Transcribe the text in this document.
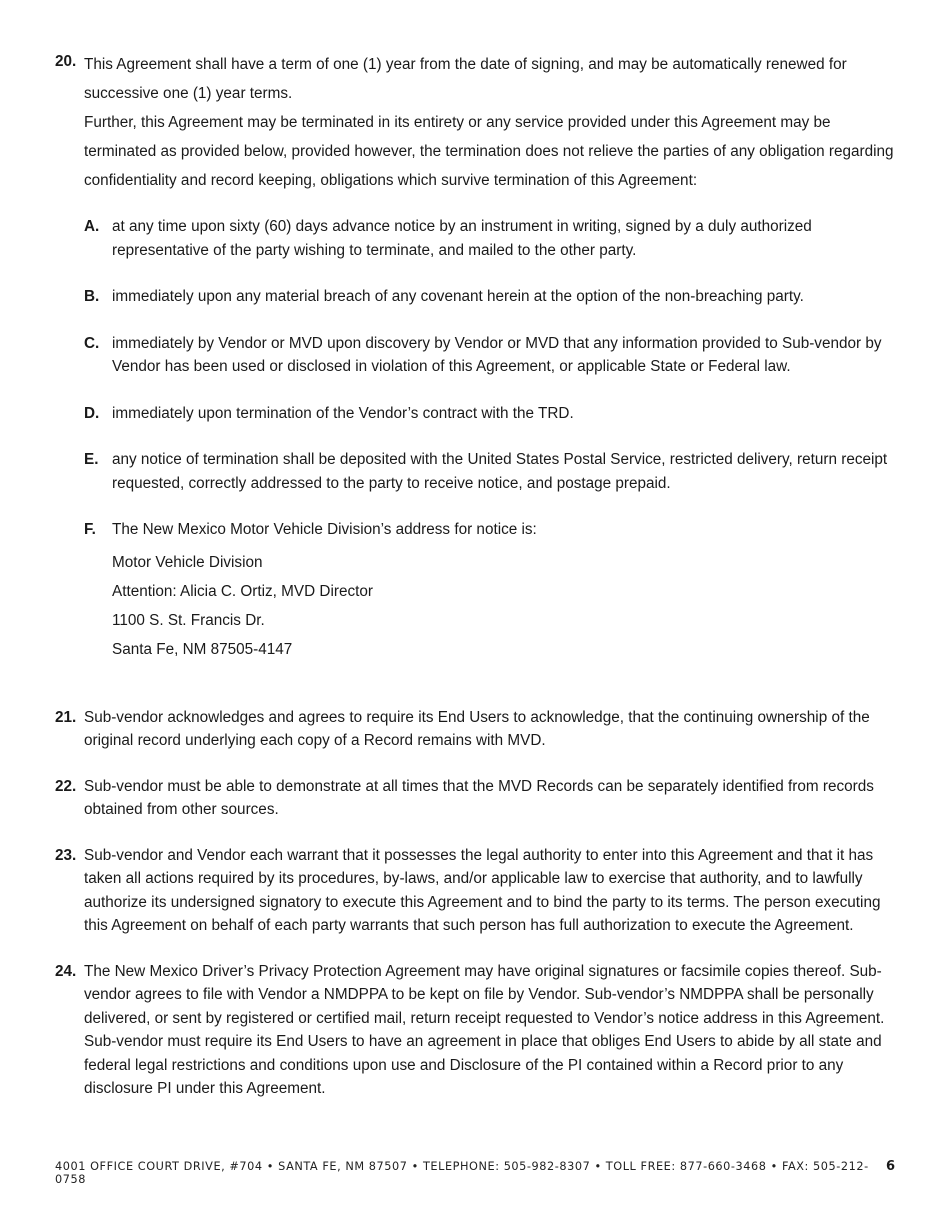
20. This Agreement shall have a term of one (1) year from the date of signing, and may be automatically renewed for successive one (1) year terms.

Further, this Agreement may be terminated in its entirety or any service provided under this Agreement may be terminated as provided below, provided however, the termination does not relieve the parties of any obligation regarding confidentiality and record keeping, obligations which survive termination of this Agreement:

A. at any time upon sixty (60) days advance notice by an instrument in writing, signed by a duly authorized representative of the party wishing to terminate, and mailed to the other party.
B. immediately upon any material breach of any covenant herein at the option of the non-breaching party.
C. immediately by Vendor or MVD upon discovery by Vendor or MVD that any information provided to Sub-vendor by Vendor has been used or disclosed in violation of this Agreement, or applicable State or Federal law.
D. immediately upon termination of the Vendor’s contract with the TRD.
E. any notice of termination shall be deposited with the United States Postal Service, restricted delivery, return receipt requested, correctly addressed to the party to receive notice, and postage prepaid.
F.	The New Mexico Motor Vehicle Division’s address for notice is:
Motor Vehicle Division
Attention: Alicia C. Ortiz, MVD Director
1100 S. St. Francis Dr.
Santa Fe, NM 87505-4147
21. Sub-vendor acknowledges and agrees to require its End Users to acknowledge, that the continuing ownership of the original record underlying each copy of a Record remains with MVD.
22. Sub-vendor must be able to demonstrate at all times that the MVD Records can be separately identified from records obtained from other sources.
23. Sub-vendor and Vendor each warrant that it possesses the legal authority to enter into this Agreement and that it has taken all actions required by its procedures, by-laws, and/or applicable law to exercise that authority, and to lawfully authorize its undersigned signatory to execute this Agreement and to bind the party to its terms. The person executing this Agreement on behalf of each party warrants that such person has full authorization to execute the Agreement.
24. The New Mexico Driver’s Privacy Protection Agreement may have original signatures or facsimile copies thereof. Sub-vendor agrees to file with Vendor a NMDPPA to be kept on file by Vendor. Sub-vendor’s NMDPPA shall be personally delivered, or sent by registered or certified mail, return receipt requested to Vendor’s notice address in this Agreement. Sub-vendor must require its End Users to have an agreement in place that obliges End Users to abide by all state and federal legal restrictions and conditions upon use and Disclosure of the PI contained within a Record prior to any disclosure PI under this Agreement.
4001 OFFICE COURT DRIVE, #704 • SANTA FE, NM 87507 • TELEPHONE: 505-982-8307 • TOLL FREE: 877-660-3468 • FAX: 505-212-0758
6
